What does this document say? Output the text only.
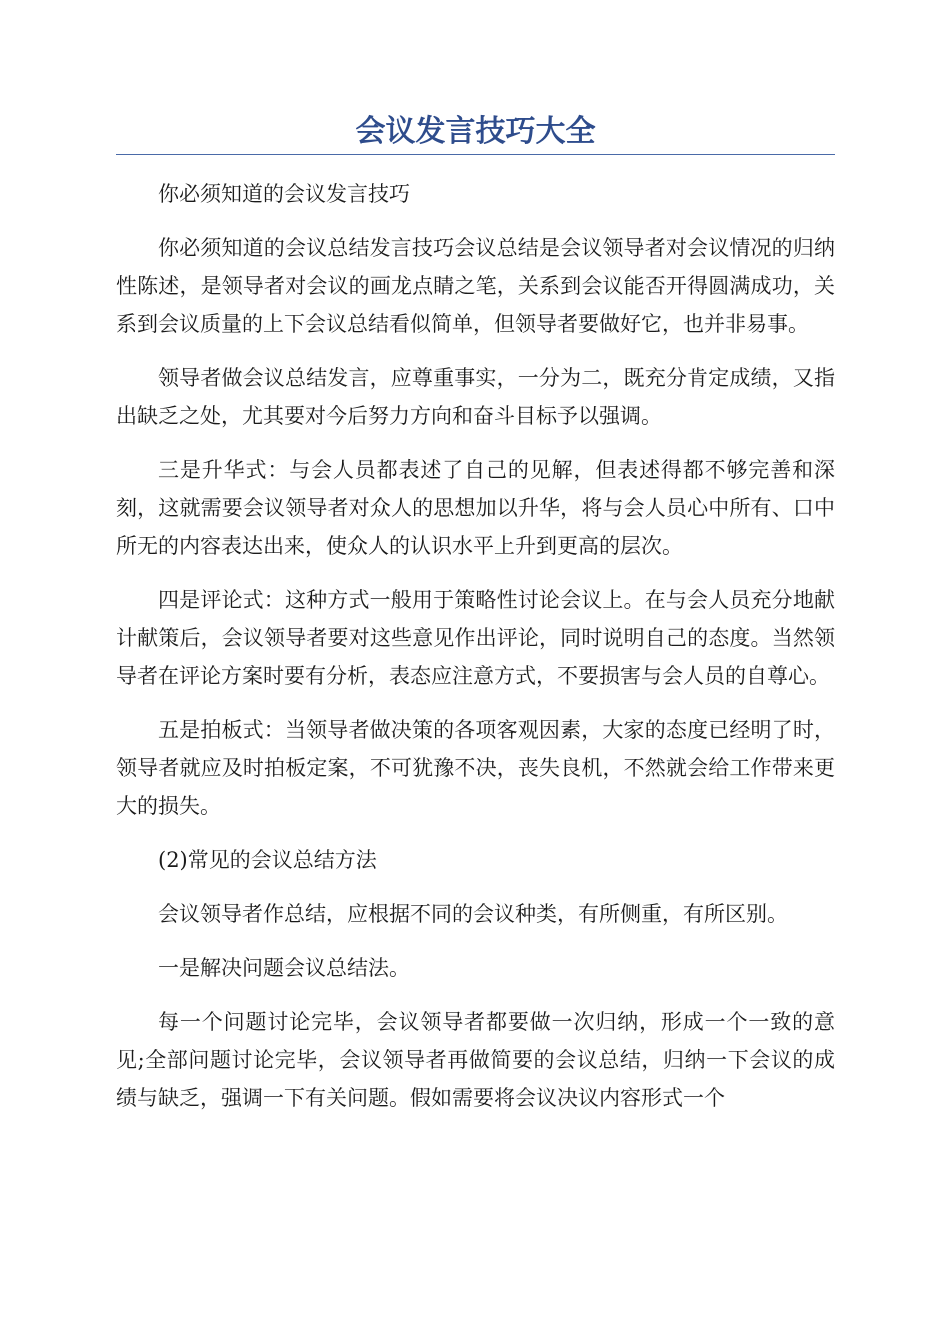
会议发言技巧大全

你必须知道的会议发言技巧

你必须知道的会议总结发言技巧会议总结是会议领导者对会议情况的归纳性陈述，是领导者对会议的画龙点睛之笔，关系到会议能否开得圆满成功，关系到会议质量的上下会议总结看似简单，但领导者要做好它，也并非易事。

领导者做会议总结发言，应尊重事实，一分为二，既充分肯定成绩，又指出缺乏之处，尤其要对今后努力方向和奋斗目标予以强调。

三是升华式：与会人员都表述了自己的见解，但表述得都不够完善和深刻，这就需要会议领导者对众人的思想加以升华，将与会人员心中所有、口中所无的内容表达出来，使众人的认识水平上升到更高的层次。

四是评论式：这种方式一般用于策略性讨论会议上。在与会人员充分地献计献策后，会议领导者要对这些意见作出评论，同时说明自己的态度。当然领导者在评论方案时要有分析，表态应注意方式，不要损害与会人员的自尊心。

五是拍板式：当领导者做决策的各项客观因素，大家的态度已经明了时，领导者就应及时拍板定案，不可犹豫不决，丧失良机，不然就会给工作带来更大的损失。

(2)常见的会议总结方法

会议领导者作总结，应根据不同的会议种类，有所侧重，有所区别。

一是解决问题会议总结法。

每一个问题讨论完毕，会议领导者都要做一次归纳，形成一个一致的意见;全部问题讨论完毕，会议领导者再做简要的会议总结，归纳一下会议的成绩与缺乏，强调一下有关问题。假如需要将会议决议内容形式一个
